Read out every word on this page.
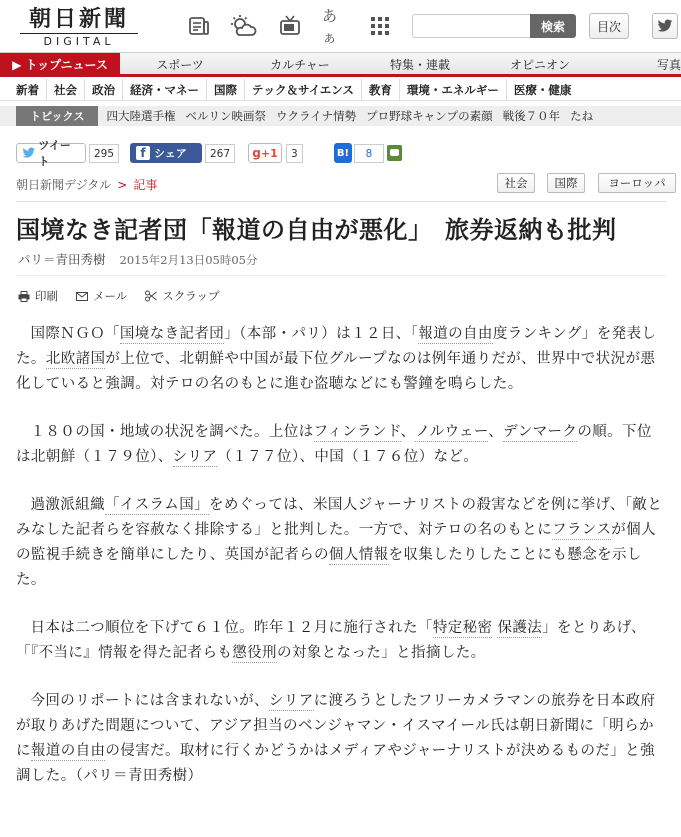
朝日新聞
DIGITAL
あぁ
検索	目次
▶ トップニュース	スポーツ	カルチャー	特集・連載	オピニオン	写真
新着	社会	政治	経済・マネー	国際	テック＆サイエンス	教育	環境・エネルギー	医療・健康
トピックス	四大陸選手権 ベルリン映画祭 ウクライナ情勢 プロ野球キャンプの素顔 戦後７０年 たね
ツイート
295	f シェア	267	g +1	3	B!	8
朝日新聞デジタル > 記事	社会	国際	ヨーロッパ
国境なき記者団「報道の自由が悪化」　旅券返納も批判
パリ＝青田秀樹 2015年2月13日05時05分
印刷	メール	スクラップ

国際ＮＧＯ「国境なき記者団」（本部・パリ）は１２日、「報道の自由度ランキング」を発表した。北欧諸国が上位で、北朝鮮や中国が最下位グループなのは例年通りだが、世界中で状況が悪化していると強調。対テロの名のもとに進む盗聴などにも警鐘を鳴らした。

１８０の国・地域の状況を調べた。上位はフィンランド、ノルウェー、デンマークの順。下位は北朝鮮（１７９位）、シリア（１７７位）、中国（１７６位）など。

過激派組織「イスラム国」をめぐっては、米国人ジャーナリストの殺害などを例に挙げ、「敵とみなした記者らを容赦なく排除する」と批判した。一方で、対テロの名のもとにフランスが個人の監視手続きを簡単にしたり、英国が記者らの個人情報を収集したりしたことにも懸念を示した。

日本は二つ順位を下げて６１位。昨年１２月に施行された「特定秘密 保護法」をとりあげ、「『不当に』情報を得た記者らも懲役刑の対象となった」と指摘した。

今回のリポートには含まれないが、シリアに渡ろうとしたフリーカメラマンの旅券を日本政府が取りあげた問題について、アジア担当のベンジャマン・イスマイール氏は朝日新聞に「明らかに報道の自由の侵害だ。取材に行くかどうかはメディアやジャーナリストが決めるものだ」と強調した。（パリ＝青田秀樹）
